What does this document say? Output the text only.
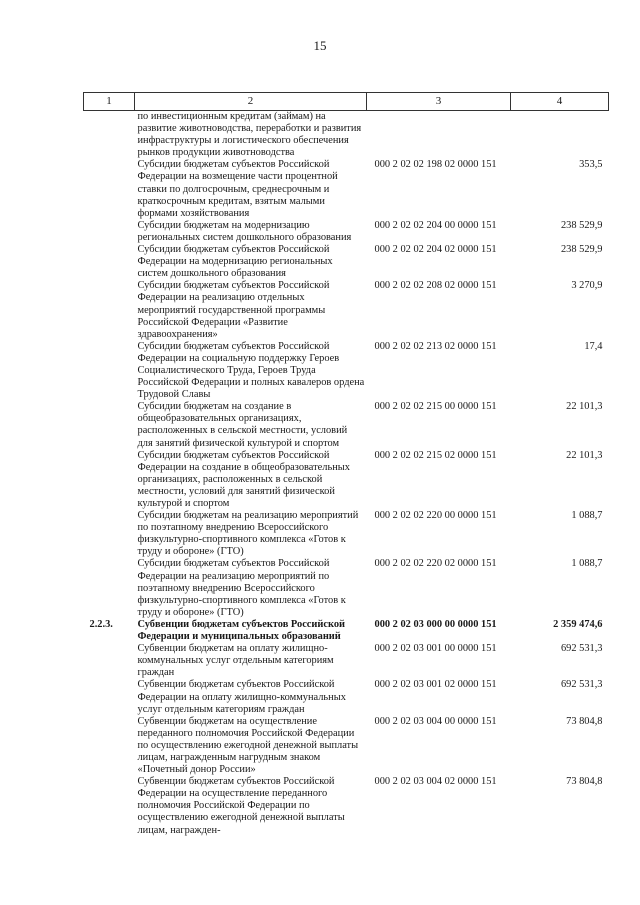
15
1	2	3	4
	по инвестиционным кредитам (займам) на развитие животноводства, переработки и развития инфраструктуры и логистического обеспечения рынков продукции животноводства		
	Субсидии бюджетам субъектов Российской Федерации на возмещение части процентной ставки по долгосрочным, среднесрочным и краткосрочным кредитам, взятым малыми формами хозяйствования	000 2 02 02 198 02 0000 151	353,5
	Субсидии бюджетам на модернизацию региональных систем дошкольного образования	000 2 02 02 204 00 0000 151	238 529,9
	Субсидии бюджетам субъектов Российской Федерации на модернизацию региональных систем дошкольного образования	000 2 02 02 204 02 0000 151	238 529,9
	Субсидии бюджетам субъектов Российской Федерации на реализацию отдельных мероприятий государственной программы Российской Федерации «Развитие здравоохранения»	000 2 02 02 208 02 0000 151	3 270,9
	Субсидии бюджетам субъектов Российской Федерации на социальную поддержку Героев Социалистического Труда, Героев Труда Российской Федерации и полных кавалеров ордена Трудовой Славы	000 2 02 02 213 02 0000 151	17,4
	Субсидии бюджетам на создание в общеобразовательных организациях, расположенных в сельской местности, условий для занятий физической культурой и спортом	000 2 02 02 215 00 0000 151	22 101,3
	Субсидии бюджетам субъектов Российской Федерации на создание в общеобразовательных организациях, расположенных в сельской местности, условий для занятий физической культурой и спортом	000 2 02 02 215 02 0000 151	22 101,3
	Субсидии бюджетам на реализацию мероприятий по поэтапному внедрению Всероссийского физкультурно-спортивного комплекса «Готов к труду и обороне» (ГТО)	000 2 02 02 220 00 0000 151	1 088,7
	Субсидии бюджетам субъектов Российской Федерации на реализацию мероприятий по поэтапному внедрению Всероссийского физкультурно-спортивного комплекса «Готов к труду и обороне» (ГТО)	000 2 02 02 220 02 0000 151	1 088,7
2.2.3.	Субвенции бюджетам субъектов Российской Федерации и муниципальных образований	000 2 02 03 000 00 0000 151	2 359 474,6
	Субвенции бюджетам на оплату жилищно-коммунальных услуг отдельным категориям граждан	000 2 02 03 001 00 0000 151	692 531,3
	Субвенции бюджетам субъектов Российской Федерации на оплату жилищно-коммунальных услуг отдельным категориям граждан	000 2 02 03 001 02 0000 151	692 531,3
	Субвенции бюджетам на осуществление переданного полномочия Российской Федерации по осуществлению ежегодной денежной выплаты лицам, награжденным нагрудным знаком «Почетный донор России»	000 2 02 03 004 00 0000 151	73 804,8
	Субвенции бюджетам субъектов Российской Федерации на осуществление переданного полномочия Российской Федерации по осуществлению ежегодной денежной выплаты лицам, награжден-	000 2 02 03 004 02 0000 151	73 804,8
